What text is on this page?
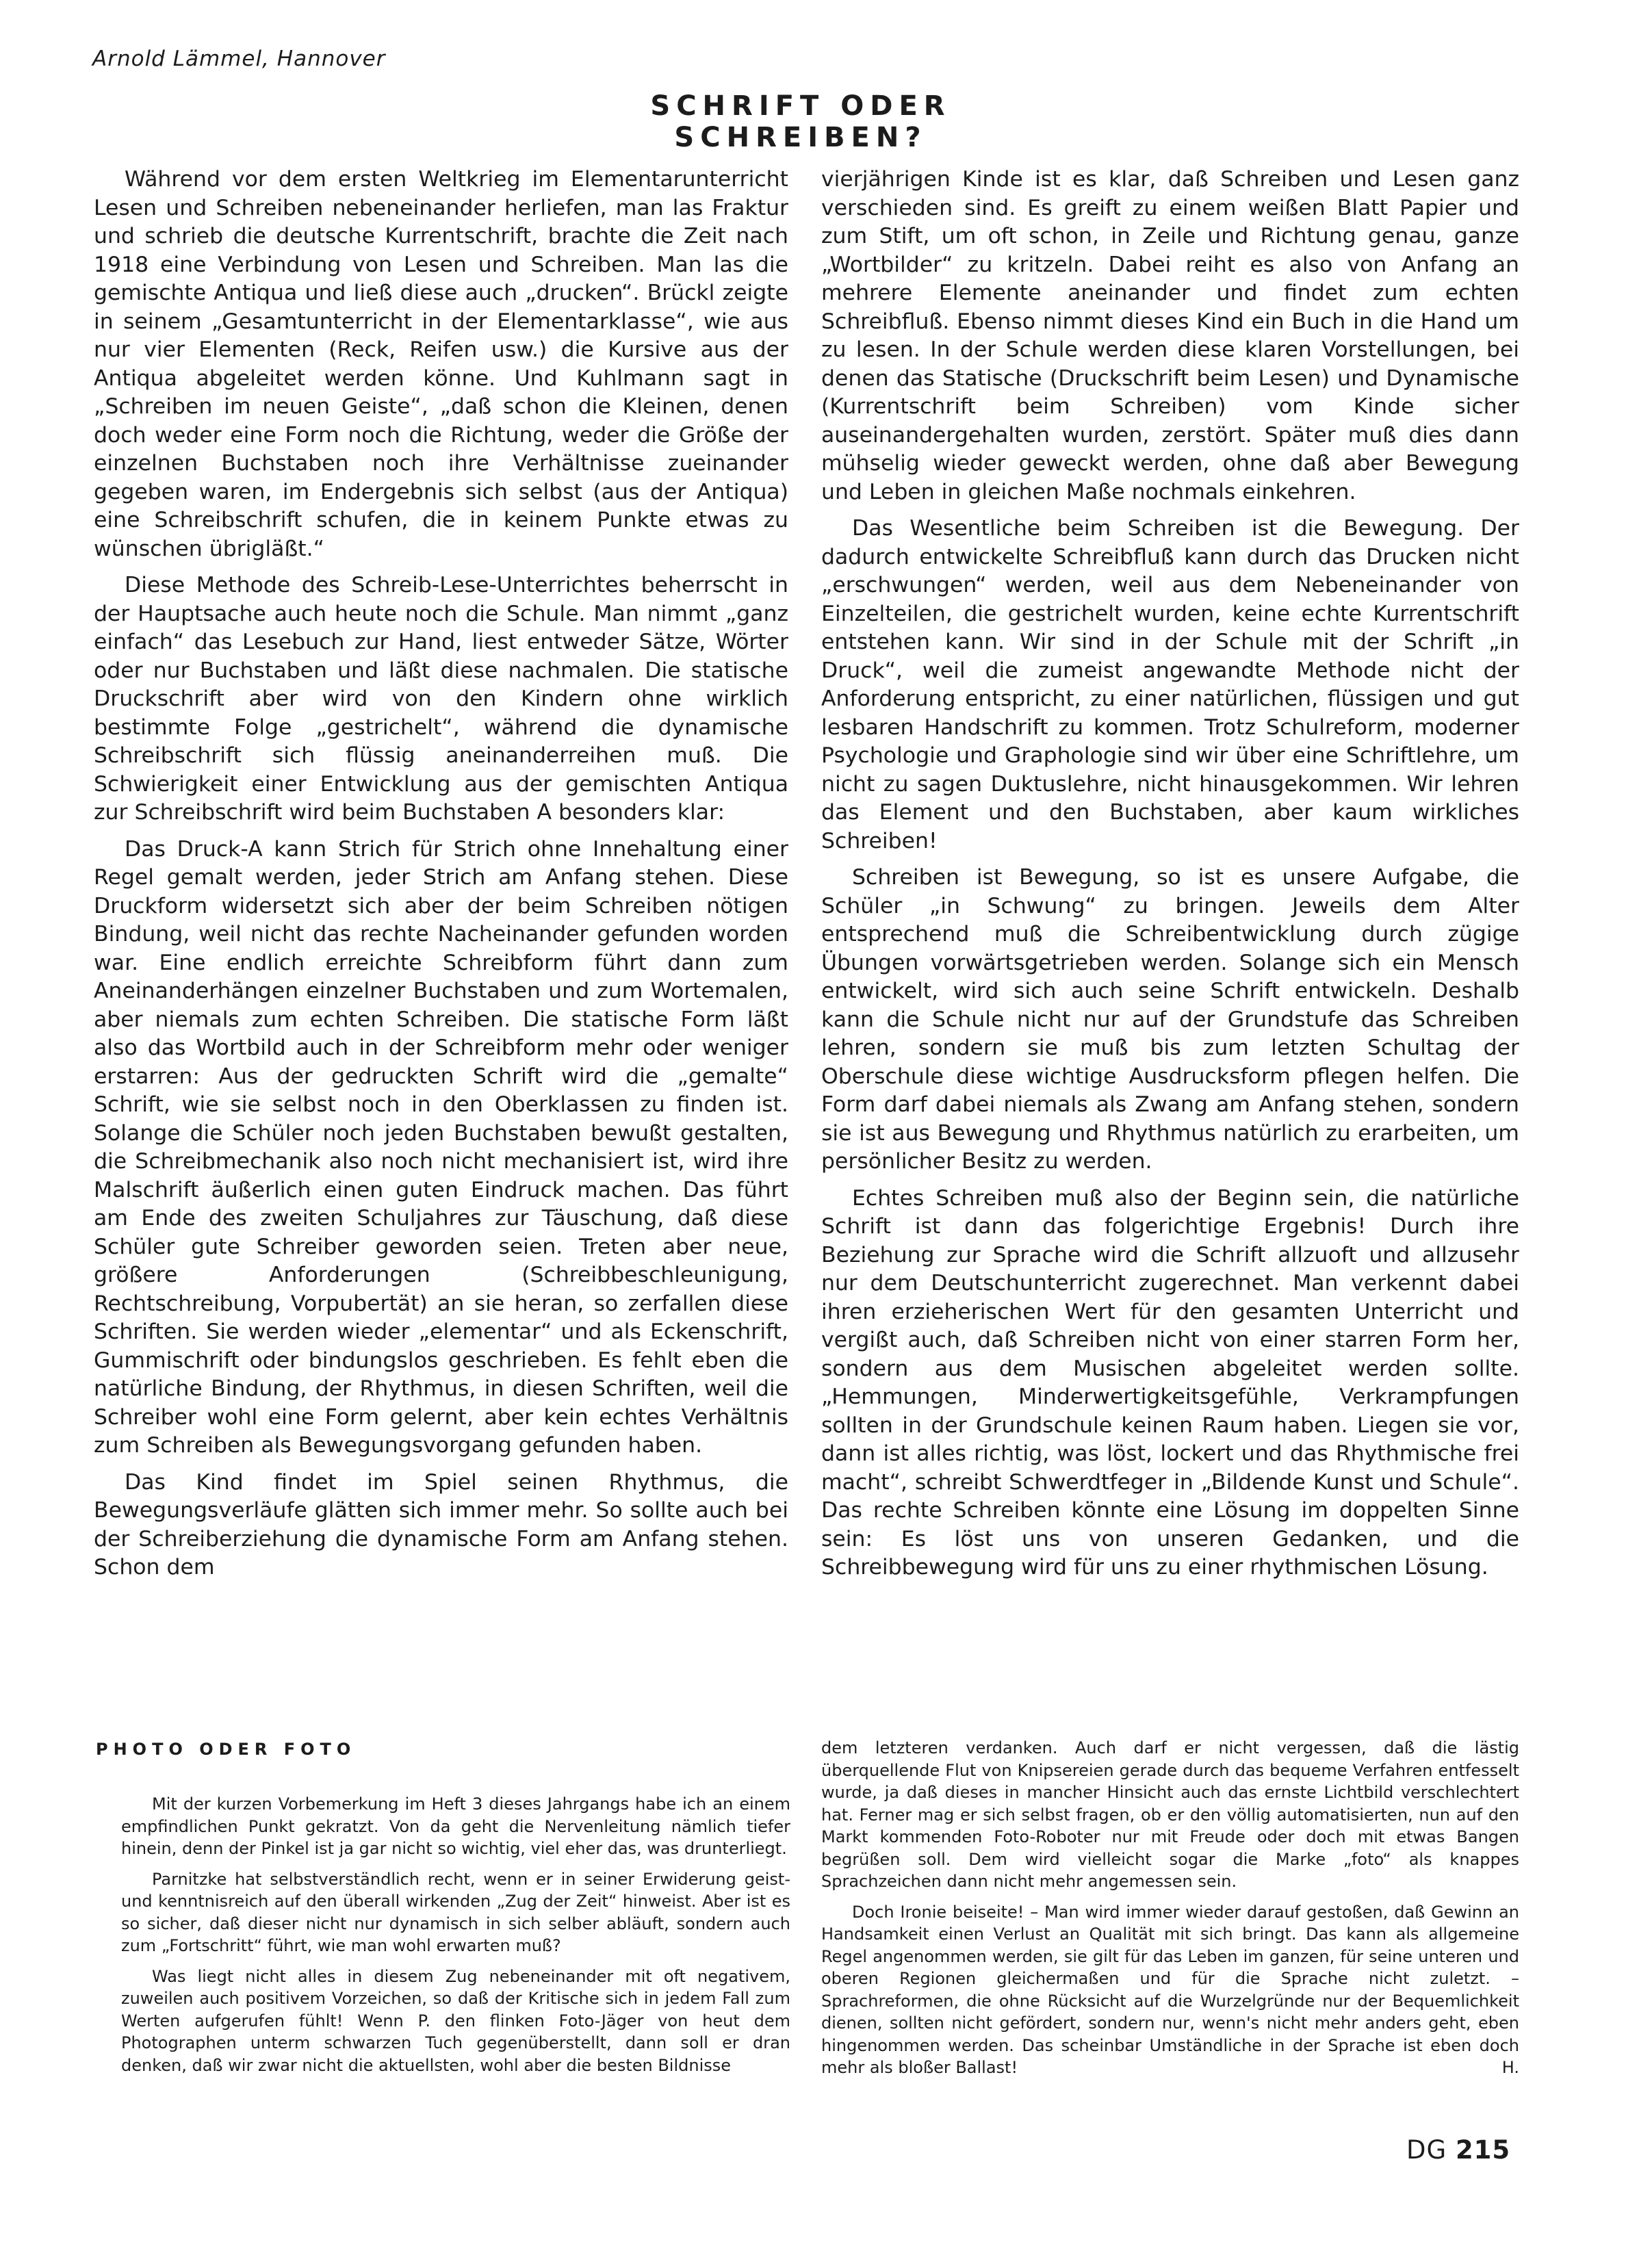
Arnold Lämmel, Hannover
SCHRIFT ODER SCHREIBEN?

Während vor dem ersten Weltkrieg im Elementarunterricht Lesen und Schreiben nebeneinander herliefen, man las Fraktur und schrieb die deutsche Kurrentschrift, brachte die Zeit nach 1918 eine Verbindung von Lesen und Schreiben. Man las die gemischte Antiqua und ließ diese auch „drucken“. Brückl zeigte in seinem „Gesamtunterricht in der Elementarklasse“, wie aus nur vier Elementen (Reck, Reifen usw.) die Kursive aus der Antiqua abgeleitet werden könne. Und Kuhlmann sagt in „Schreiben im neuen Geiste“, „daß schon die Kleinen, denen doch weder eine Form noch die Richtung, weder die Größe der einzelnen Buchstaben noch ihre Verhältnisse zueinander gegeben waren, im Endergebnis sich selbst (aus der Antiqua) eine Schreibschrift schufen, die in keinem Punkte etwas zu wünschen übrigläßt.“

Diese Methode des Schreib-Lese-Unterrichtes beherrscht in der Hauptsache auch heute noch die Schule. Man nimmt „ganz einfach“ das Lesebuch zur Hand, liest entweder Sätze, Wörter oder nur Buchstaben und läßt diese nachmalen. Die statische Druckschrift aber wird von den Kindern ohne wirklich bestimmte Folge „gestrichelt“, während die dynamische Schreibschrift sich flüssig aneinanderreihen muß. Die Schwierigkeit einer Entwicklung aus der gemischten Antiqua zur Schreibschrift wird beim Buchstaben A besonders klar:

Das Druck-A kann Strich für Strich ohne Innehaltung einer Regel gemalt werden, jeder Strich am Anfang stehen. Diese Druckform widersetzt sich aber der beim Schreiben nötigen Bindung, weil nicht das rechte Nacheinander gefunden worden war. Eine endlich erreichte Schreibform führt dann zum Aneinanderhängen einzelner Buchstaben und zum Wortemalen, aber niemals zum echten Schreiben. Die statische Form läßt also das Wortbild auch in der Schreibform mehr oder weniger erstarren: Aus der gedruckten Schrift wird die „gemalte“ Schrift, wie sie selbst noch in den Oberklassen zu finden ist. Solange die Schüler noch jeden Buchstaben bewußt gestalten, die Schreibmechanik also noch nicht mechanisiert ist, wird ihre Malschrift äußerlich einen guten Eindruck machen. Das führt am Ende des zweiten Schuljahres zur Täuschung, daß diese Schüler gute Schreiber geworden seien. Treten aber neue, größere Anforderungen (Schreibbeschleunigung, Rechtschreibung, Vorpubertät) an sie heran, so zerfallen diese Schriften. Sie werden wieder „elementar“ und als Eckenschrift, Gummischrift oder bindungslos geschrieben. Es fehlt eben die natürliche Bindung, der Rhythmus, in diesen Schriften, weil die Schreiber wohl eine Form gelernt, aber kein echtes Verhältnis zum Schreiben als Bewegungsvorgang gefunden haben.

Das Kind findet im Spiel seinen Rhythmus, die Bewegungsverläufe glätten sich immer mehr. So sollte auch bei der Schreiberziehung die dynamische Form am Anfang stehen. Schon dem

vierjährigen Kinde ist es klar, daß Schreiben und Lesen ganz verschieden sind. Es greift zu einem weißen Blatt Papier und zum Stift, um oft schon, in Zeile und Richtung genau, ganze „Wortbilder“ zu kritzeln. Dabei reiht es also von Anfang an mehrere Elemente aneinander und findet zum echten Schreibfluß. Ebenso nimmt dieses Kind ein Buch in die Hand um zu lesen. In der Schule werden diese klaren Vorstellungen, bei denen das Statische (Druckschrift beim Lesen) und Dynamische (Kurrentschrift beim Schreiben) vom Kinde sicher auseinandergehalten wurden, zerstört. Später muß dies dann mühselig wieder geweckt werden, ohne daß aber Bewegung und Leben in gleichen Maße nochmals einkehren.

Das Wesentliche beim Schreiben ist die Bewegung. Der dadurch entwickelte Schreibfluß kann durch das Drucken nicht „erschwungen“ werden, weil aus dem Nebeneinander von Einzelteilen, die gestrichelt wurden, keine echte Kurrentschrift entstehen kann. Wir sind in der Schule mit der Schrift „in Druck“, weil die zumeist angewandte Methode nicht der Anforderung entspricht, zu einer natürlichen, flüssigen und gut lesbaren Handschrift zu kommen. Trotz Schulreform, moderner Psychologie und Graphologie sind wir über eine Schriftlehre, um nicht zu sagen Duktuslehre, nicht hinausgekommen. Wir lehren das Element und den Buchstaben, aber kaum wirkliches Schreiben!

Schreiben ist Bewegung, so ist es unsere Aufgabe, die Schüler „in Schwung“ zu bringen. Jeweils dem Alter entsprechend muß die Schreibentwicklung durch zügige Übungen vorwärtsgetrieben werden. Solange sich ein Mensch entwickelt, wird sich auch seine Schrift entwickeln. Deshalb kann die Schule nicht nur auf der Grundstufe das Schreiben lehren, sondern sie muß bis zum letzten Schultag der Oberschule diese wichtige Ausdrucksform pflegen helfen. Die Form darf dabei niemals als Zwang am Anfang stehen, sondern sie ist aus Bewegung und Rhythmus natürlich zu erarbeiten, um persönlicher Besitz zu werden.

Echtes Schreiben muß also der Beginn sein, die natürliche Schrift ist dann das folgerichtige Ergebnis! Durch ihre Beziehung zur Sprache wird die Schrift allzuoft und allzusehr nur dem Deutschunterricht zugerechnet. Man verkennt dabei ihren erzieherischen Wert für den gesamten Unterricht und vergißt auch, daß Schreiben nicht von einer starren Form her, sondern aus dem Musischen abgeleitet werden sollte. „Hemmungen, Minderwertigkeitsgefühle, Verkrampfungen sollten in der Grundschule keinen Raum haben. Liegen sie vor, dann ist alles richtig, was löst, lockert und das Rhythmische frei macht“, schreibt Schwerdtfeger in „Bildende Kunst und Schule“. Das rechte Schreiben könnte eine Lösung im doppelten Sinne sein: Es löst uns von unseren Gedanken, und die Schreibbewegung wird für uns zu einer rhythmischen Lösung.

PHOTO ODER FOTO

Mit der kurzen Vorbemerkung im Heft 3 dieses Jahrgangs habe ich an einem empfindlichen Punkt gekratzt. Von da geht die Nervenleitung nämlich tiefer hinein, denn der Pinkel ist ja gar nicht so wichtig, viel eher das, was drunterliegt.

Parnitzke hat selbstverständlich recht, wenn er in seiner Erwiderung geist- und kenntnisreich auf den überall wirkenden „Zug der Zeit“ hinweist. Aber ist es so sicher, daß dieser nicht nur dynamisch in sich selber abläuft, sondern auch zum „Fortschritt“ führt, wie man wohl erwarten muß?

Was liegt nicht alles in diesem Zug nebeneinander mit oft negativem, zuweilen auch positivem Vorzeichen, so daß der Kritische sich in jedem Fall zum Werten aufgerufen fühlt! Wenn P. den flinken Foto-Jäger von heut dem Photographen unterm schwarzen Tuch gegenüberstellt, dann soll er dran denken, daß wir zwar nicht die aktuellsten, wohl aber die besten Bildnisse

dem letzteren verdanken. Auch darf er nicht vergessen, daß die lästig überquellende Flut von Knipsereien gerade durch das bequeme Verfahren entfesselt wurde, ja daß dieses in mancher Hinsicht auch das ernste Lichtbild verschlechtert hat. Ferner mag er sich selbst fragen, ob er den völlig automatisierten, nun auf den Markt kommenden Foto-Roboter nur mit Freude oder doch mit etwas Bangen begrüßen soll. Dem wird vielleicht sogar die Marke „foto“ als knappes Sprachzeichen dann nicht mehr angemessen sein.

Doch Ironie beiseite! – Man wird immer wieder darauf gestoßen, daß Gewinn an Handsamkeit einen Verlust an Qualität mit sich bringt. Das kann als allgemeine Regel angenommen werden, sie gilt für das Leben im ganzen, für seine unteren und oberen Regionen gleichermaßen und für die Sprache nicht zuletzt. – Sprachreformen, die ohne Rücksicht auf die Wurzelgründe nur der Bequemlichkeit dienen, sollten nicht gefördert, sondern nur, wenn's nicht mehr anders geht, eben hingenommen werden. Das scheinbar Umständliche in der Sprache ist eben doch mehr als bloßer Ballast!	H.

DG 215
